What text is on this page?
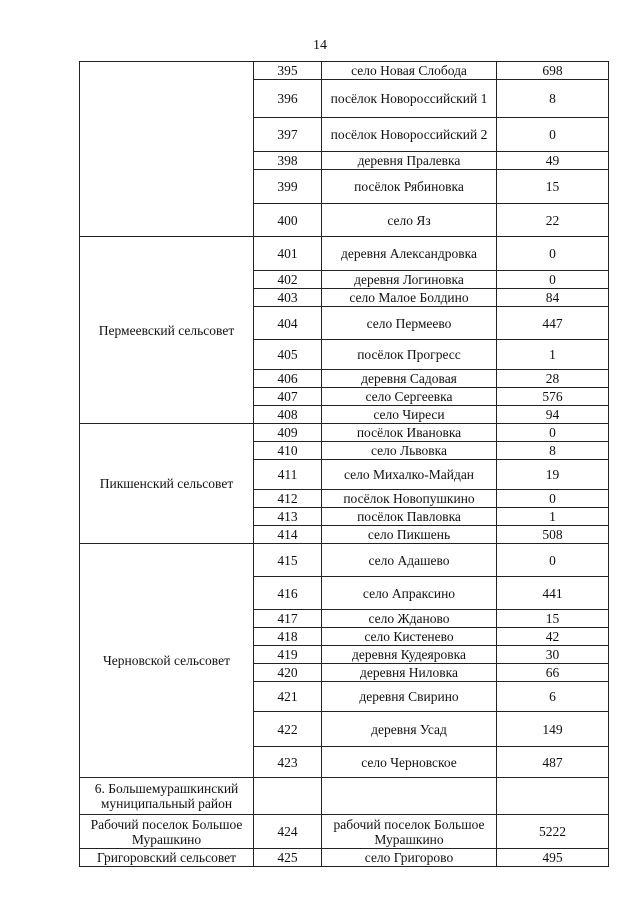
14
	395	село Новая Слобода	698
	396	посёлок Новороссийский 1	8
	397	посёлок Новороссийский 2	0
	398	деревня Пралевка	49
	399	посёлок Рябиновка	15
	400	село Яз	22
Пермеевский сельсовет	401	деревня Александровка	0
	402	деревня Логиновка	0
	403	село Малое Болдино	84
	404	село Пермеево	447
	405	посёлок Прогресс	1
	406	деревня Садовая	28
	407	село Сергеевка	576
	408	село Чиреси	94
Пикшенский сельсовет	409	посёлок Ивановка	0
	410	село Львовка	8
	411	село Михалко-Майдан	19
	412	посёлок Новопушкино	0
	413	посёлок Павловка	1
	414	село Пикшень	508
Черновской сельсовет	415	село Адашево	0
	416	село Апраксино	441
	417	село Жданово	15
	418	село Кистенево	42
	419	деревня Кудеяровка	30
	420	деревня Ниловка	66
	421	деревня Свирино	6
	422	деревня Усад	149
	423	село Черновское	487
6. Большемурашкинский муниципальный район			
Рабочий поселок Большое Мурашкино	424	рабочий поселок Большое Мурашкино	5222
Григоровский сельсовет	425	село Григорово	495
